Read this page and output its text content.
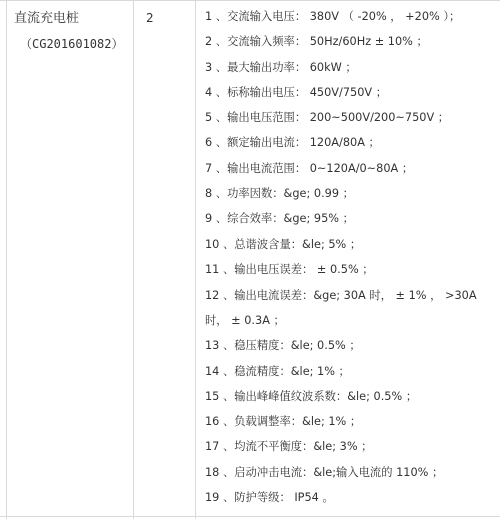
直流充电桩
（CG201601082）
2	1 、交流输入电压： 380V （ -20% ， +20% ）；
2 、交流输入频率： 50Hz/60Hz ± 10% ；
3 、最大输出功率： 60kW ；
4 、标称输出电压： 450V/750V ；
5 、输出电压范围： 200~500V/200~750V ；
6 、额定输出电流： 120A/80A ；
7 、输出电流范围： 0~120A/0~80A ；
8 、功率因数：&ge; 0.99 ；
9 、综合效率：&ge; 95% ；
10 、总谐波含量：&le; 5% ；
11 、输出电压误差： ± 0.5% ；
12 、输出电流误差：&ge; 30A 时， ± 1% ， >30A 时， ± 0.3A ；
13 、稳压精度：&le; 0.5% ；
14 、稳流精度：&le; 1% ；
15 、输出峰峰值纹波系数：&le; 0.5% ；
16 、负载调整率：&le; 1% ；
17 、均流不平衡度：&le; 3% ；
18 、启动冲击电流：&le;输入电流的 110% ；
19 、防护等级： IP54 。
